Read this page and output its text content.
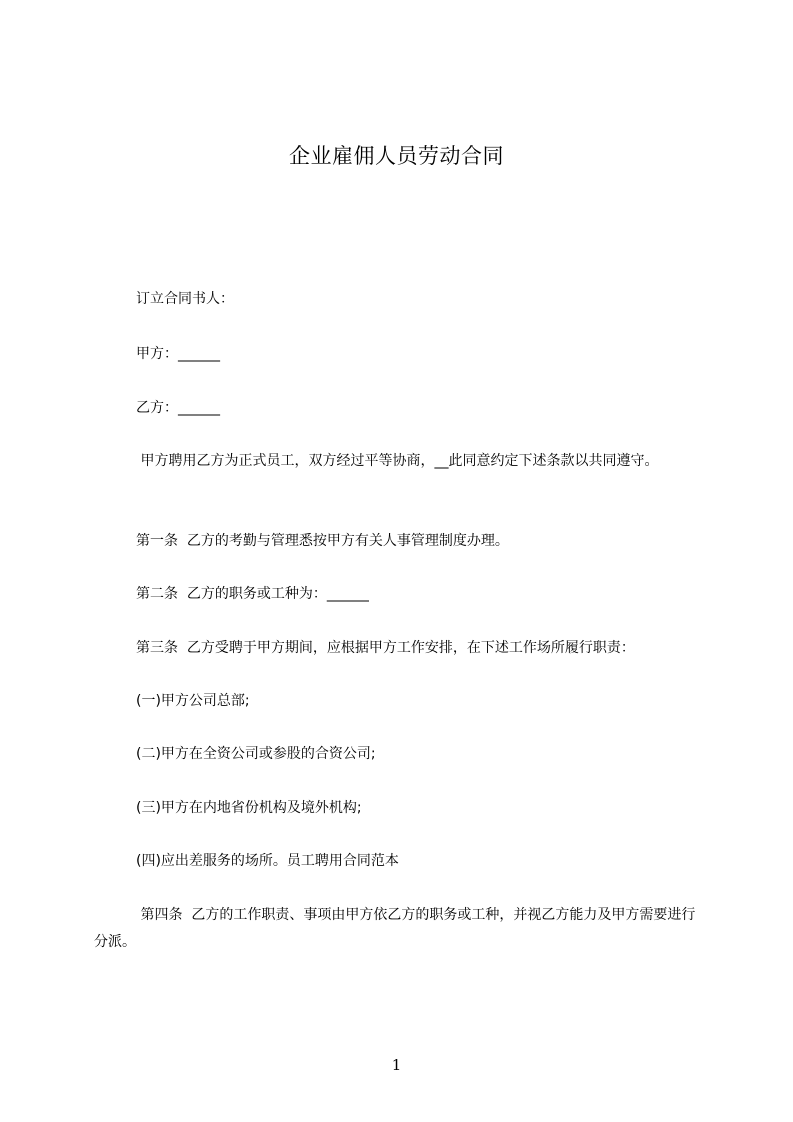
企业雇佣人员劳动合同
订立合同书人：
甲方：______
乙方：______
甲方聘用乙方为正式员工，双方经过平等协商，__此同意约定下述条款以共同遵守。
第一条  乙方的考勤与管理悉按甲方有关人事管理制度办理。
第二条  乙方的职务或工种为：______
第三条  乙方受聘于甲方期间，应根据甲方工作安排，在下述工作场所履行职责：
(一)甲方公司总部;
(二)甲方在全资公司或参股的合资公司;
(三)甲方在内地省份机构及境外机构;
(四)应出差服务的场所。员工聘用合同范本
第四条  乙方的工作职责、事项由甲方依乙方的职务或工种，并视乙方能力及甲方需要进行分派。
1
